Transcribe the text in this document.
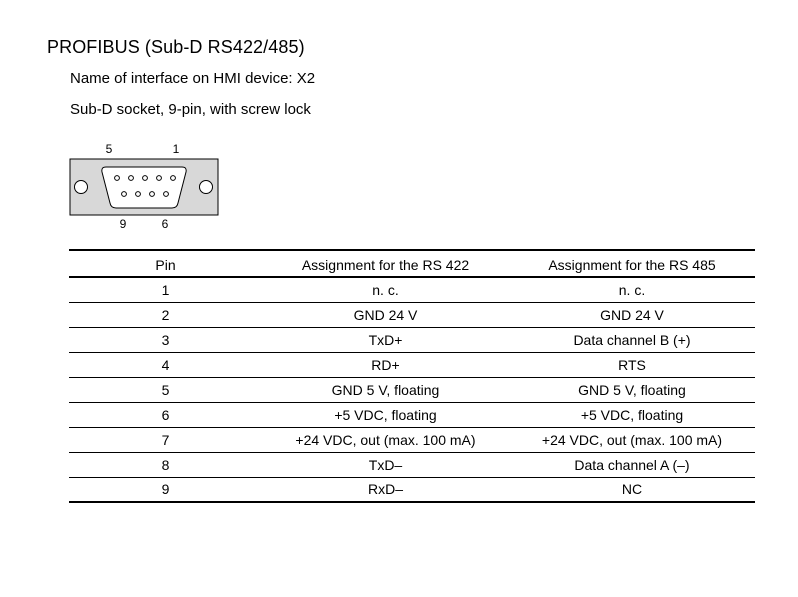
PROFIBUS (Sub-D RS422/485)
Name of interface on HMI device: X2
Sub-D socket, 9-pin, with screw lock
5	1
9	6
Pin	Assignment for the RS 422	Assignment for the RS 485
1	n. c.	n. c.
2	GND 24 V	GND 24 V
3	TxD+	Data channel B (+)
4	RD+	RTS
5	GND 5 V, floating	GND 5 V, floating
6	+5 VDC, floating	+5 VDC, floating
7	+24 VDC, out (max. 100 mA)	+24 VDC, out (max. 100 mA)
8	TxD–	Data channel A (–)
9	RxD–	NC
